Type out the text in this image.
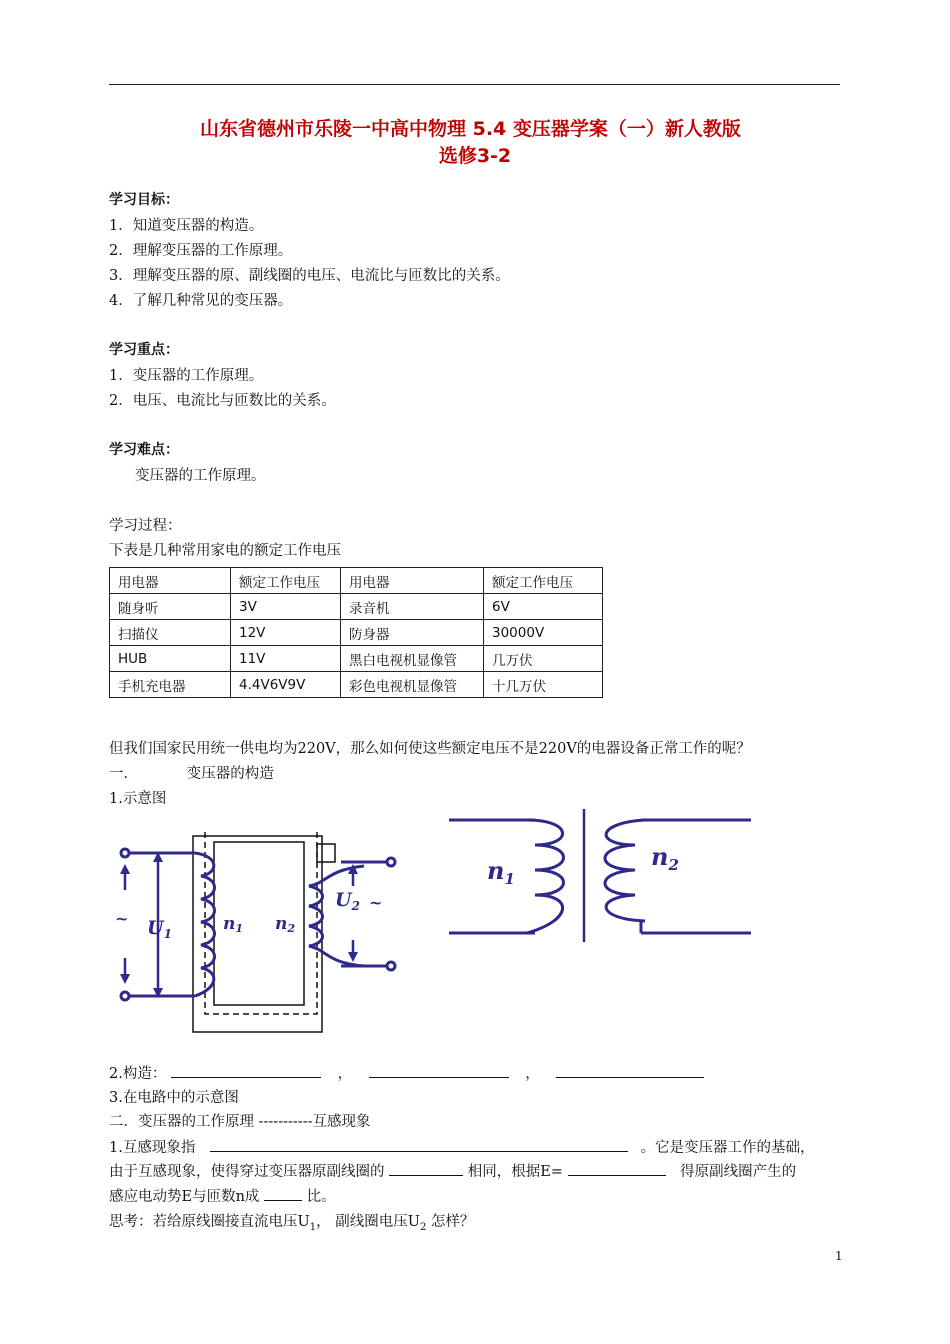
山东省德州市乐陵一中高中物理 5.4 变压器学案（一）新人教版
选修3-2
学习目标：
1．知道变压器的构造。
2．理解变压器的工作原理。
3．理解变压器的原、副线圈的电压、电流比与匝数比的关系。
4．了解几种常见的变压器。
学习重点：
1．变压器的工作原理。
2．电压、电流比与匝数比的关系。
学习难点：
变压器的工作原理。
学习过程：
下表是几种常用家电的额定工作电压
用电器	额定工作电压	用电器	额定工作电压
随身听	3V	录音机	6V
扫描仪	12V	防身器	30000V
HUB	11V	黑白电视机显像管	几万伏
手机充电器	4.4V6V9V	彩色电视机显像管	十几万伏
但我们国家民用统一供电均为220V，那么如何使这些额定电压不是220V的电器设备正常工作的呢？
一.	变压器的构造
1.示意图
~ $U_1$	n1 n2
$U_2$ ~
$n_1$
$n_2$
2.构造：	，	，
3.在电路中的示意图
二．变压器的工作原理 -----------互感现象
1.互感现象指	。它是变压器工作的基础，
由于互感现象，使得穿过变压器原副线圈的	相同，根据E=	得原副线圈产生的
感应电动势E与匝数n成	比。
思考：若给原线圈接直流电压$U_1$， 副线圈电压$U_2$ 怎样？
1
